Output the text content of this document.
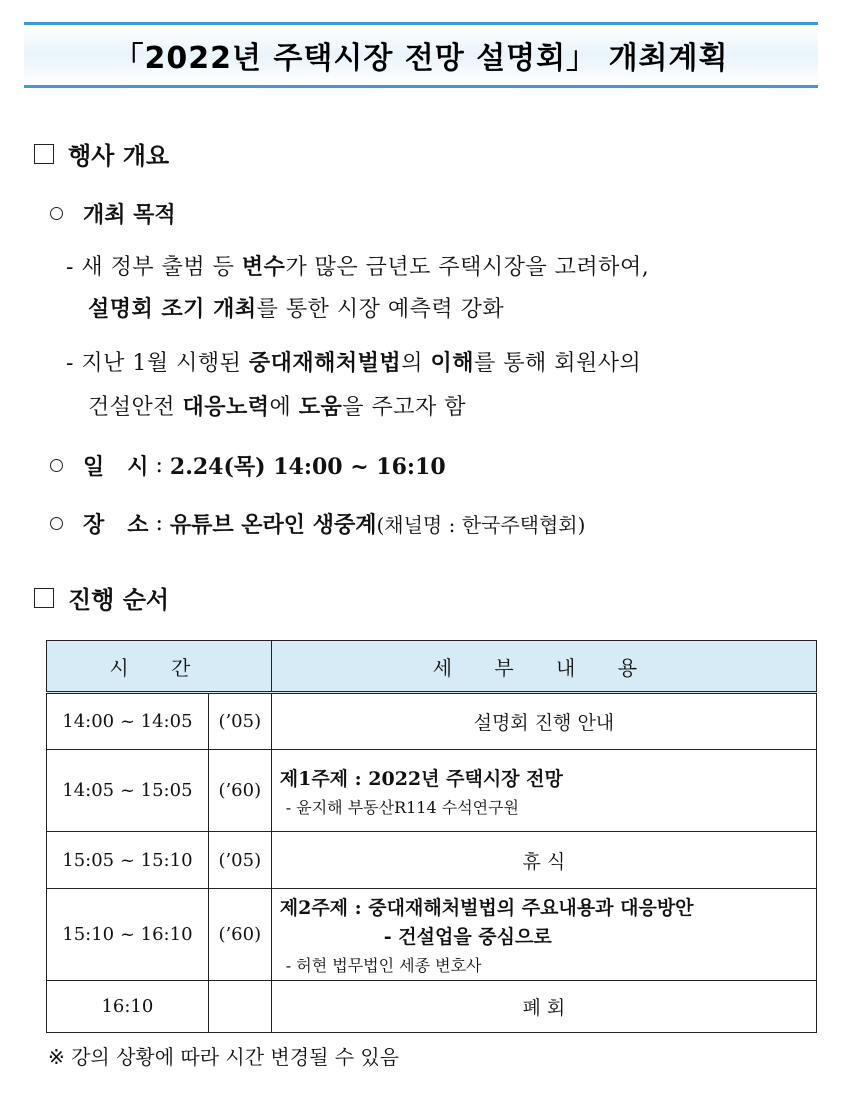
「2022년 주택시장 전망 설명회」 개최계획
행사 개요
개최 목적
- 새 정부 출범 등 변수가 많은 금년도 주택시장을 고려하여,
설명회 조기 개최를 통한 시장 예측력 강화
- 지난 1월 시행된 중대재해처벌법의 이해를 통해 회원사의
건설안전 대응노력에 도움을 주고자 함
일   시 : 2.24(목) 14:00 ~ 16:10
장   소 : 유튜브 온라인 생중계 (채널명 : 한국주택협회)
진행 순서
시 간		세 부 내 용
14:00 ~ 14:05	(’05)	설명회 진행 안내
14:05 ~ 15:05	(’60)	제1주제 : 2022년 주택시장 전망
- 윤지해 부동산R114 수석연구원

15:05 ~ 15:10	(’05)	휴 식
15:10 ~ 16:10	(’60)	제2주제 : 중대재해처벌법의 주요내용과 대응방안
- 건설업을 중심으로
- 허현 법무법인 세종 변호사

16:10		폐 회
※ 강의 상황에 따라 시간 변경될 수 있음
